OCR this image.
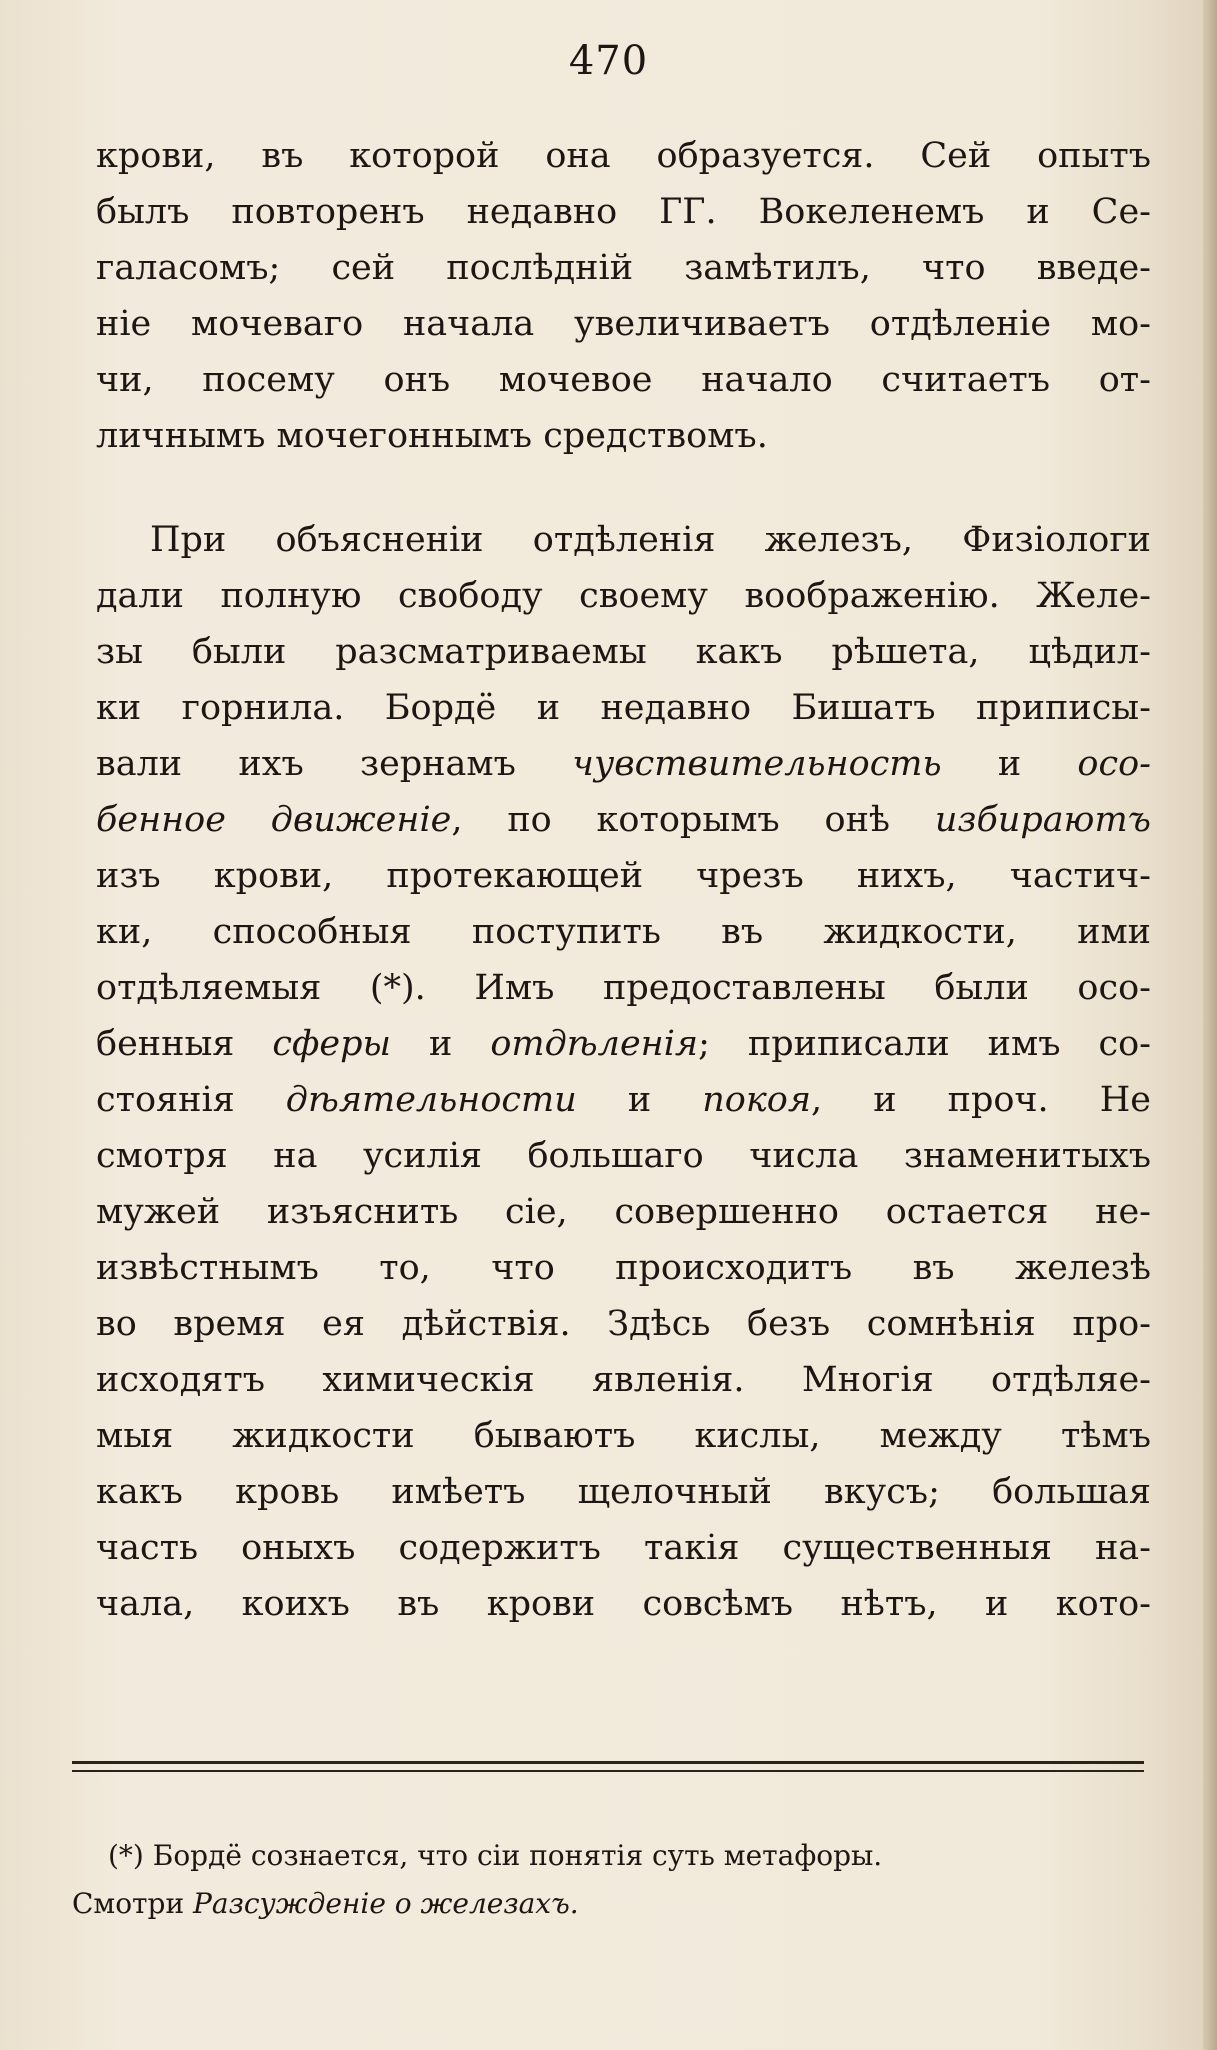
470
крови, въ которой она образуется. Сей опытъ
былъ повторенъ недавно ГГ. Вокеленемъ и Се-
галасомъ; сей послѣдній замѣтилъ, что введе-
ніе мочеваго начала увеличиваетъ отдѣленіе мо-
чи, посему онъ мочевое начало считаетъ от-
личнымъ мочегоннымъ средствомъ.
При объясненіи отдѣленія железъ, Физіологи
дали полную свободу своему воображенію. Желе-
зы были разсматриваемы какъ рѣшета, цѣдил-
ки горнила. Бордё и недавно Бишатъ приписы-
вали ихъ зернамъ чувствительность и осо-
бенное движеніе, по которымъ онѣ избираютъ
изъ крови, протекающей чрезъ нихъ, частич-
ки, способныя поступить въ жидкости, ими
отдѣляемыя (*). Имъ предоставлены были осо-
бенныя сферы и отдѣленія; приписали имъ со-
стоянія дѣятельности и покоя, и проч. Не
смотря на усилія большаго числа знаменитыхъ
мужей изъяснить сіе, совершенно остается не-
извѣстнымъ то, что происходитъ въ железѣ
во время ея дѣйствія. Здѣсь безъ сомнѣнія про-
исходятъ химическія явленія. Многія отдѣляе-
мыя жидкости бываютъ кислы, между тѣмъ
какъ кровь имѣетъ щелочный вкусъ; большая
часть оныхъ содержитъ такія существенныя на-
чала, коихъ въ крови совсѣмъ нѣтъ, и кото-
(*) Бордё сознается, что сіи понятія суть метафоры.
Смотри Разсужденіе о железахъ.
